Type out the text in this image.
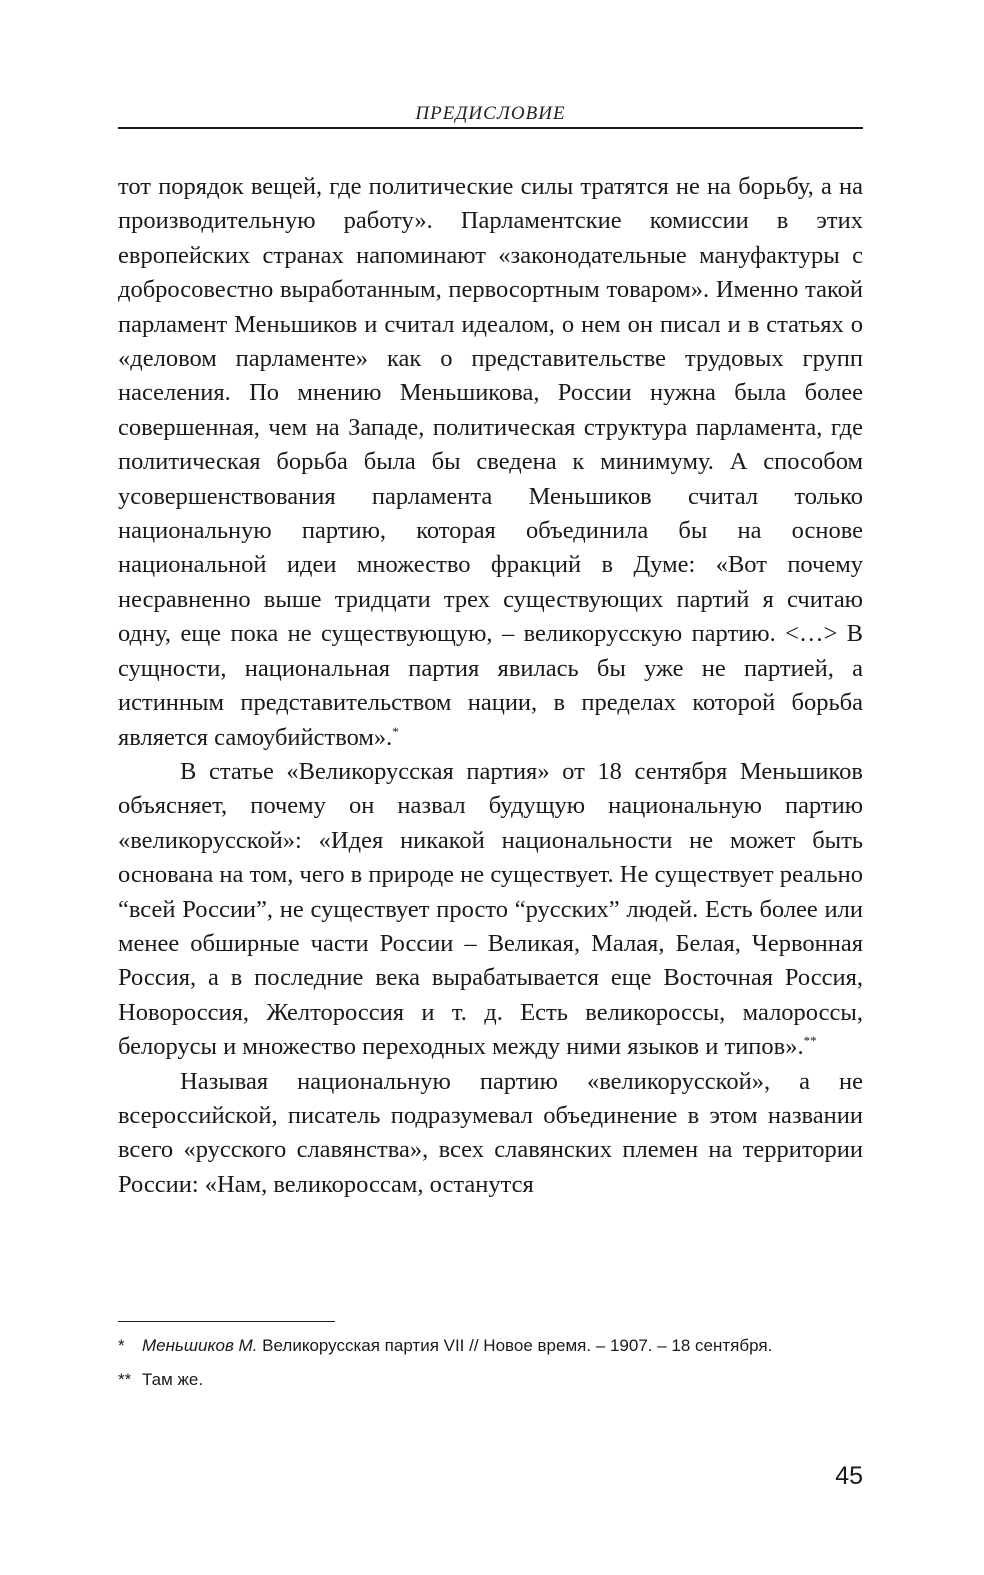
ПРЕДИСЛОВИЕ

тот порядок вещей, где политические силы тратятся не на борьбу, а на производительную работу». Парламентские комиссии в этих европейских странах напоминают «законодательные мануфактуры с добросовестно выработанным, первосортным товаром». Именно такой парламент Меньшиков и считал идеалом, о нем он писал и в статьях о «деловом парламенте» как о представительстве трудовых групп населения. По мнению Меньшикова, России нужна была более совершенная, чем на Западе, политическая структура парламента, где политическая борьба была бы сведена к минимуму. А способом усовершенствования парламента Меньшиков считал только национальную партию, которая объединила бы на основе национальной идеи множество фракций в Думе: «Вот почему несравненно выше тридцати трех существующих партий я считаю одну, еще пока не существующую, – великорусскую партию. <…> В сущности, национальная партия явилась бы уже не партией, а истинным представительством нации, в пределах которой борьба является самоубийством».*

В статье «Великорусская партия» от 18 сентября Меньшиков объясняет, почему он назвал будущую национальную партию «великорусской»: «Идея никакой национальности не может быть основана на том, чего в природе не существует. Не существует реально “всей России”, не существует просто “русских” людей. Есть более или менее обширные части России – Великая, Малая, Белая, Червонная Россия, а в последние века вырабатывается еще Восточная Россия, Новороссия, Желтороссия и т. д. Есть великороссы, малороссы, белорусы и множество переходных между ними языков и типов».**

Называя национальную партию «великорусской», а не всероссийской, писатель подразумевал объединение в этом названии всего «русского славянства», всех славянских племен на территории России: «Нам, великороссам, останутся

* Меньшиков М. Великорусская партия VII // Новое время. – 1907. – 18 сентября.

** Там же.

45
